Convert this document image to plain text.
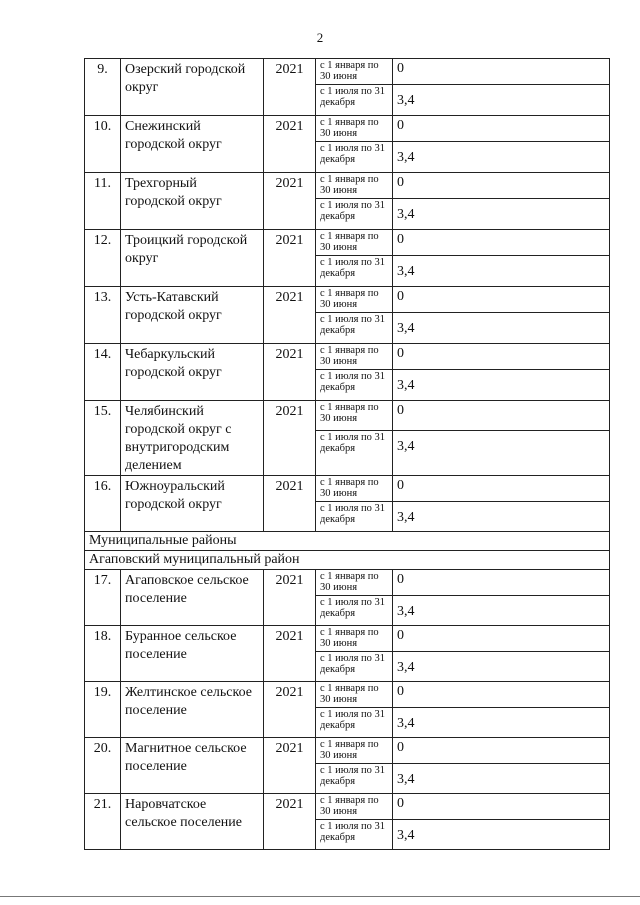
2
9.	Озерский городской округ	2021	с 1 января по 30 июня	0
			с 1 июля по 31 декабря	3,4
10.	Снежинский городской округ	2021	с 1 января по 30 июня	0
			с 1 июля по 31 декабря	3,4
11.	Трехгорный городской округ	2021	с 1 января по 30 июня	0
			с 1 июля по 31 декабря	3,4
12.	Троицкий городской округ	2021	с 1 января по 30 июня	0
			с 1 июля по 31 декабря	3,4
13.	Усть-Катавский городской округ	2021	с 1 января по 30 июня	0
			с 1 июля по 31 декабря	3,4
14.	Чебаркульский городской округ	2021	с 1 января по 30 июня	0
			с 1 июля по 31 декабря	3,4
15.	Челябинский городской округ с внутригородским делением	2021	с 1 января по 30 июня	0
			с 1 июля по 31 декабря	3,4
16.	Южноуральский городской округ	2021	с 1 января по 30 июня	0
			с 1 июля по 31 декабря	3,4
Муниципальные районы				
Агаповский муниципальный район				
17.	Агаповское сельское поселение	2021	с 1 января по 30 июня	0
			с 1 июля по 31 декабря	3,4
18.	Буранное сельское поселение	2021	с 1 января по 30 июня	0
			с 1 июля по 31 декабря	3,4
19.	Желтинское сельское поселение	2021	с 1 января по 30 июня	0
			с 1 июля по 31 декабря	3,4
20.	Магнитное сельское поселение	2021	с 1 января по 30 июня	0
			с 1 июля по 31 декабря	3,4
21.	Наровчатское сельское поселение	2021	с 1 января по 30 июня	0
			с 1 июля по 31 декабря	3,4
